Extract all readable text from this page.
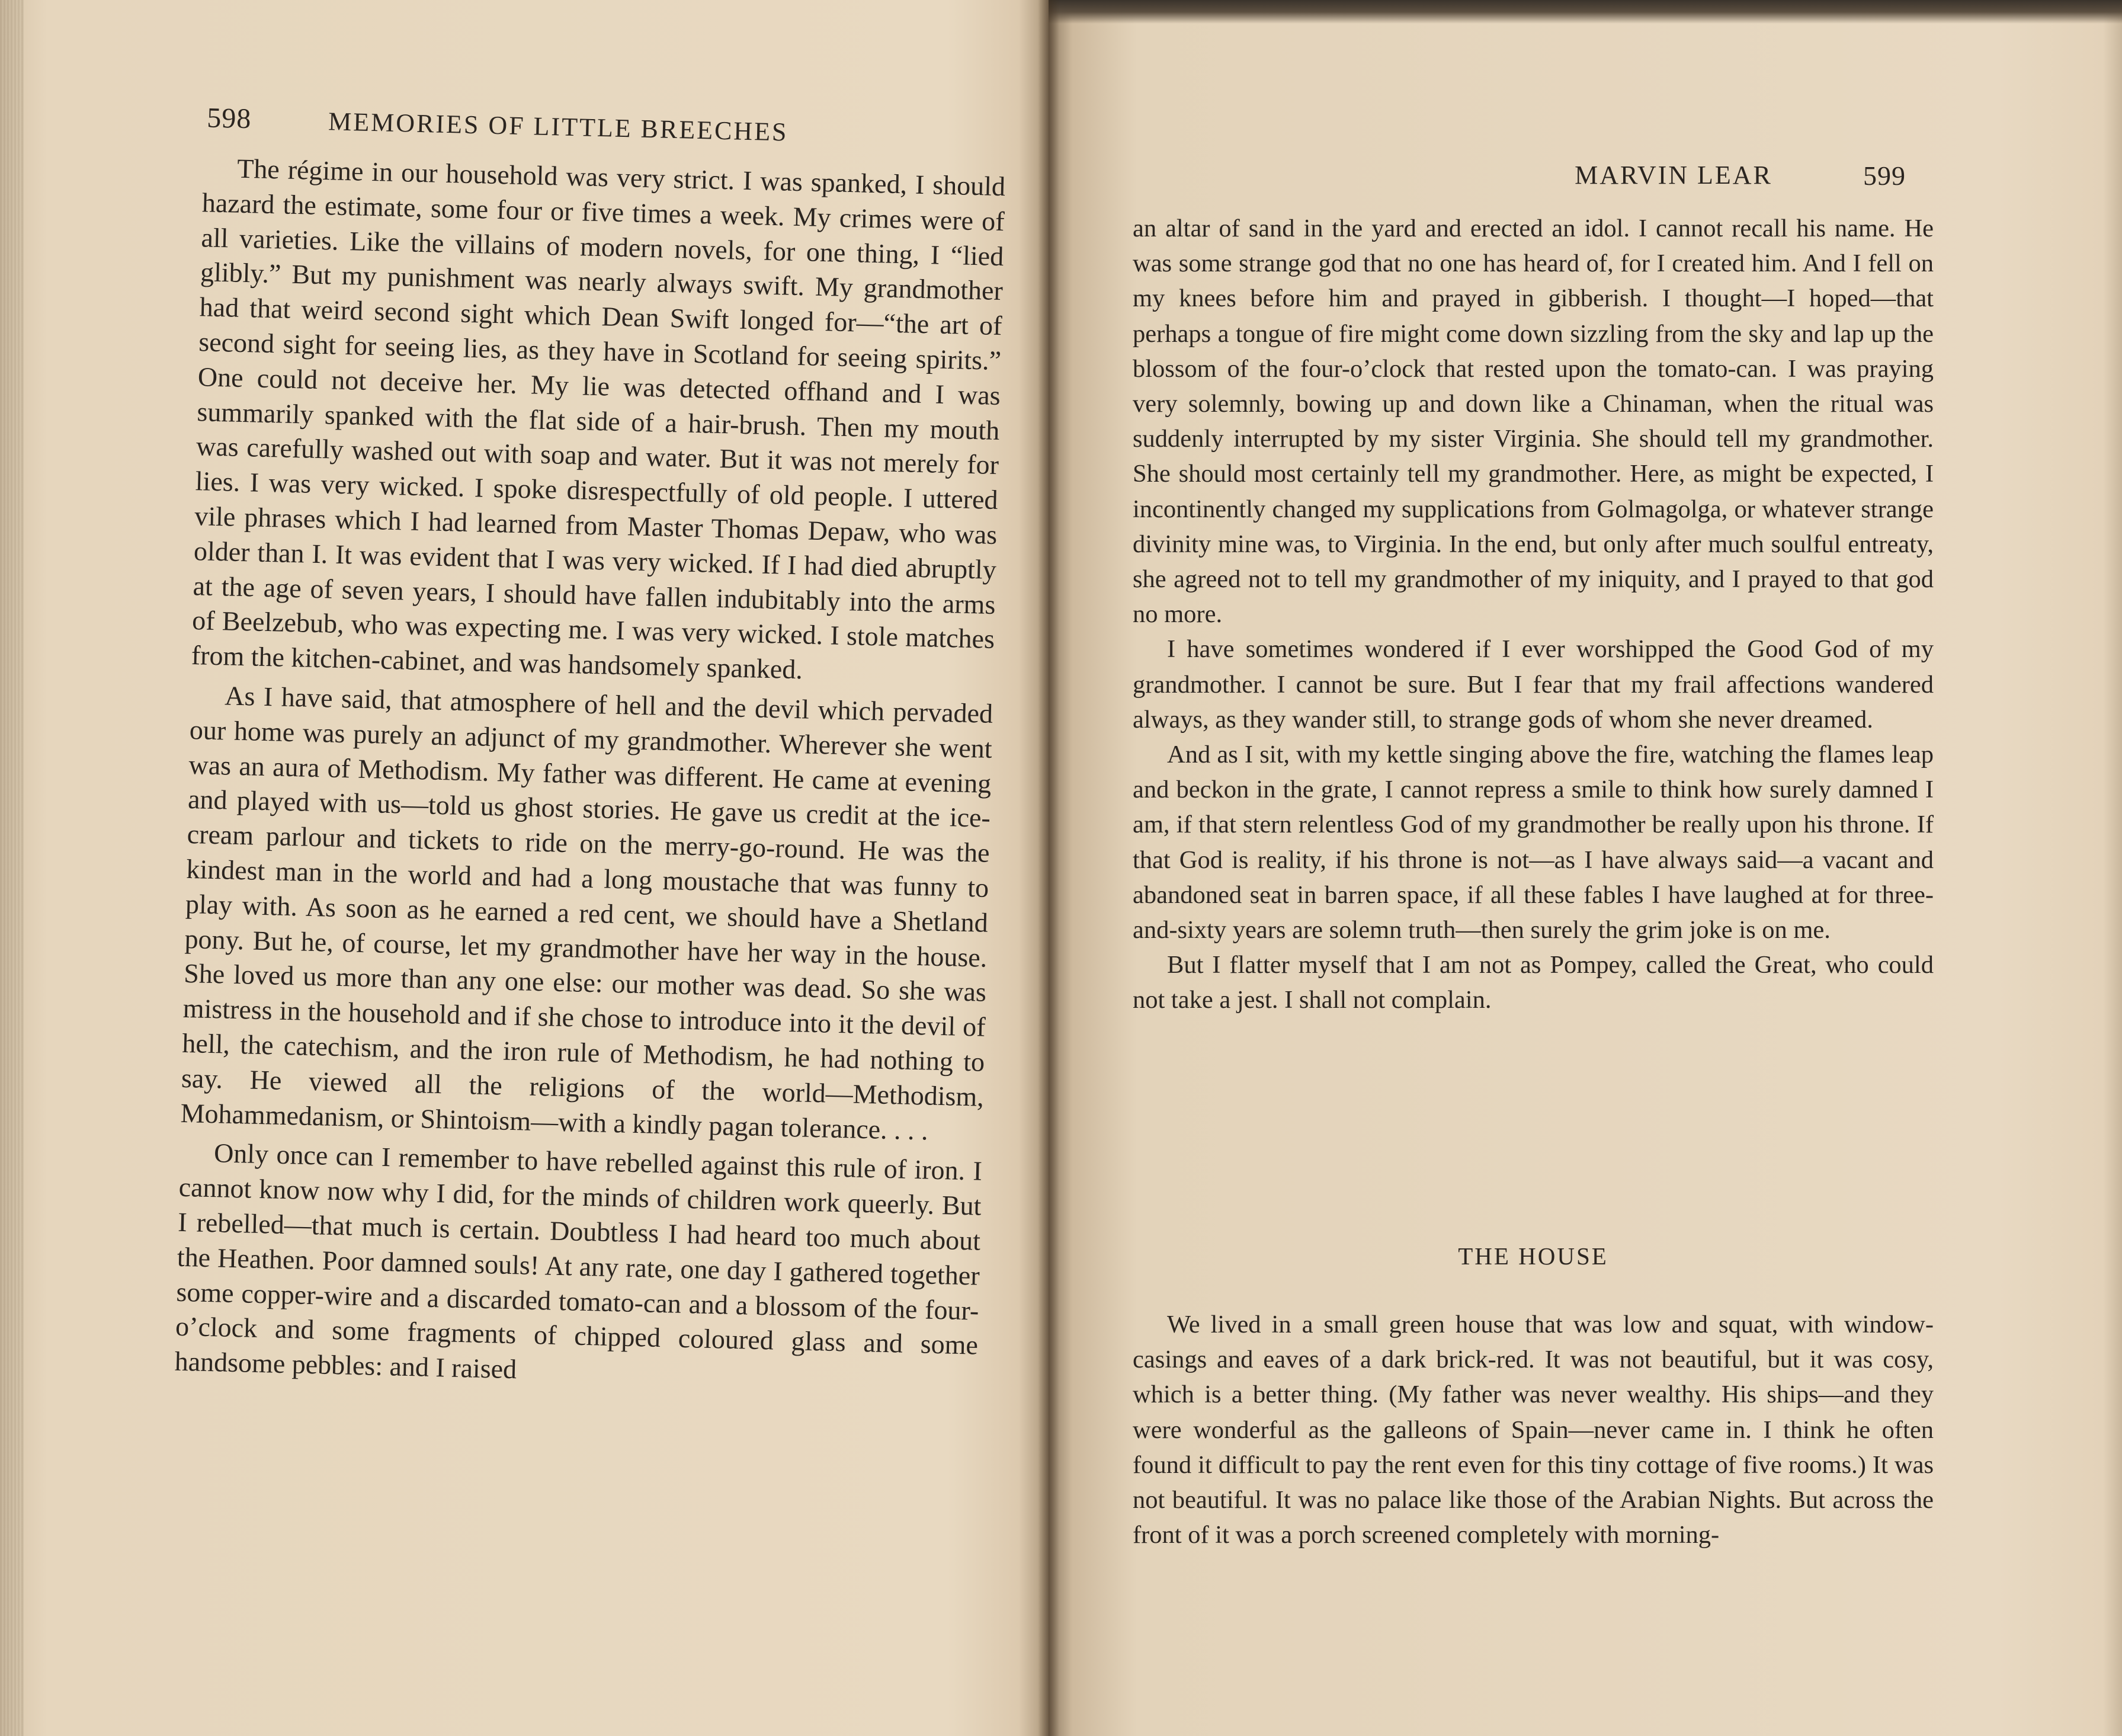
598	MEMORIES OF LITTLE BREECHES

The régime in our household was very strict. I was spanked, I should hazard the estimate, some four or five times a week. My crimes were of all varieties. Like the villains of modern novels, for one thing, I “lied glibly.” But my punishment was nearly always swift. My grandmother had that weird second sight which Dean Swift longed for—“the art of second sight for seeing lies, as they have in Scotland for seeing spirits.” One could not deceive her. My lie was detected offhand and I was summarily spanked with the flat side of a hair-brush. Then my mouth was carefully washed out with soap and water. But it was not merely for lies. I was very wicked. I spoke disrespectfully of old people. I uttered vile phrases which I had learned from Master Thomas Depaw, who was older than I. It was evident that I was very wicked. If I had died abruptly at the age of seven years, I should have fallen indubitably into the arms of Beelzebub, who was expecting me. I was very wicked. I stole matches from the kitchen-cabinet, and was handsomely spanked.

As I have said, that atmosphere of hell and the devil which pervaded our home was purely an adjunct of my grandmother. Wherever she went was an aura of Methodism. My father was different. He came at evening and played with us—told us ghost stories. He gave us credit at the ice-cream parlour and tickets to ride on the merry-go-round. He was the kindest man in the world and had a long moustache that was funny to play with. As soon as he earned a red cent, we should have a Shetland pony. But he, of course, let my grandmother have her way in the house. She loved us more than any one else: our mother was dead. So she was mistress in the household and if she chose to introduce into it the devil of hell, the catechism, and the iron rule of Methodism, he had nothing to say. He viewed all the religions of the world—Methodism, Mohammedanism, or Shintoism—with a kindly pagan tolerance. . . .

Only once can I remember to have rebelled against this rule of iron. I cannot know now why I did, for the minds of children work queerly. But I rebelled—that much is certain. Doubtless I had heard too much about the Heathen. Poor damned souls! At any rate, one day I gathered together some copper-wire and a discarded tomato-can and a blossom of the four-o’clock and some fragments of chipped coloured glass and some handsome pebbles: and I raised

MARVIN LEAR	599

an altar of sand in the yard and erected an idol. I cannot recall his name. He was some strange god that no one has heard of, for I created him. And I fell on my knees before him and prayed in gibberish. I thought—I hoped—that perhaps a tongue of fire might come down sizzling from the sky and lap up the blossom of the four-o’clock that rested upon the tomato-can. I was praying very solemnly, bowing up and down like a Chinaman, when the ritual was suddenly interrupted by my sister Virginia. She should tell my grandmother. She should most certainly tell my grandmother. Here, as might be expected, I incontinently changed my supplications from Golmagolga, or whatever strange divinity mine was, to Virginia. In the end, but only after much soulful entreaty, she agreed not to tell my grandmother of my iniquity, and I prayed to that god no more.

I have sometimes wondered if I ever worshipped the Good God of my grandmother. I cannot be sure. But I fear that my frail affections wandered always, as they wander still, to strange gods of whom she never dreamed.

And as I sit, with my kettle singing above the fire, watching the flames leap and beckon in the grate, I cannot repress a smile to think how surely damned I am, if that stern relentless God of my grandmother be really upon his throne. If that God is reality, if his throne is not—as I have always said—a vacant and abandoned seat in barren space, if all these fables I have laughed at for three-and-sixty years are solemn truth—then surely the grim joke is on me.

But I flatter myself that I am not as Pompey, called the Great, who could not take a jest. I shall not complain.

THE HOUSE

We lived in a small green house that was low and squat, with window-casings and eaves of a dark brick-red. It was not beautiful, but it was cosy, which is a better thing. (My father was never wealthy. His ships—and they were wonderful as the galleons of Spain—never came in. I think he often found it difficult to pay the rent even for this tiny cottage of five rooms.) It was not beautiful. It was no palace like those of the Arabian Nights. But across the front of it was a porch screened completely with morning-
